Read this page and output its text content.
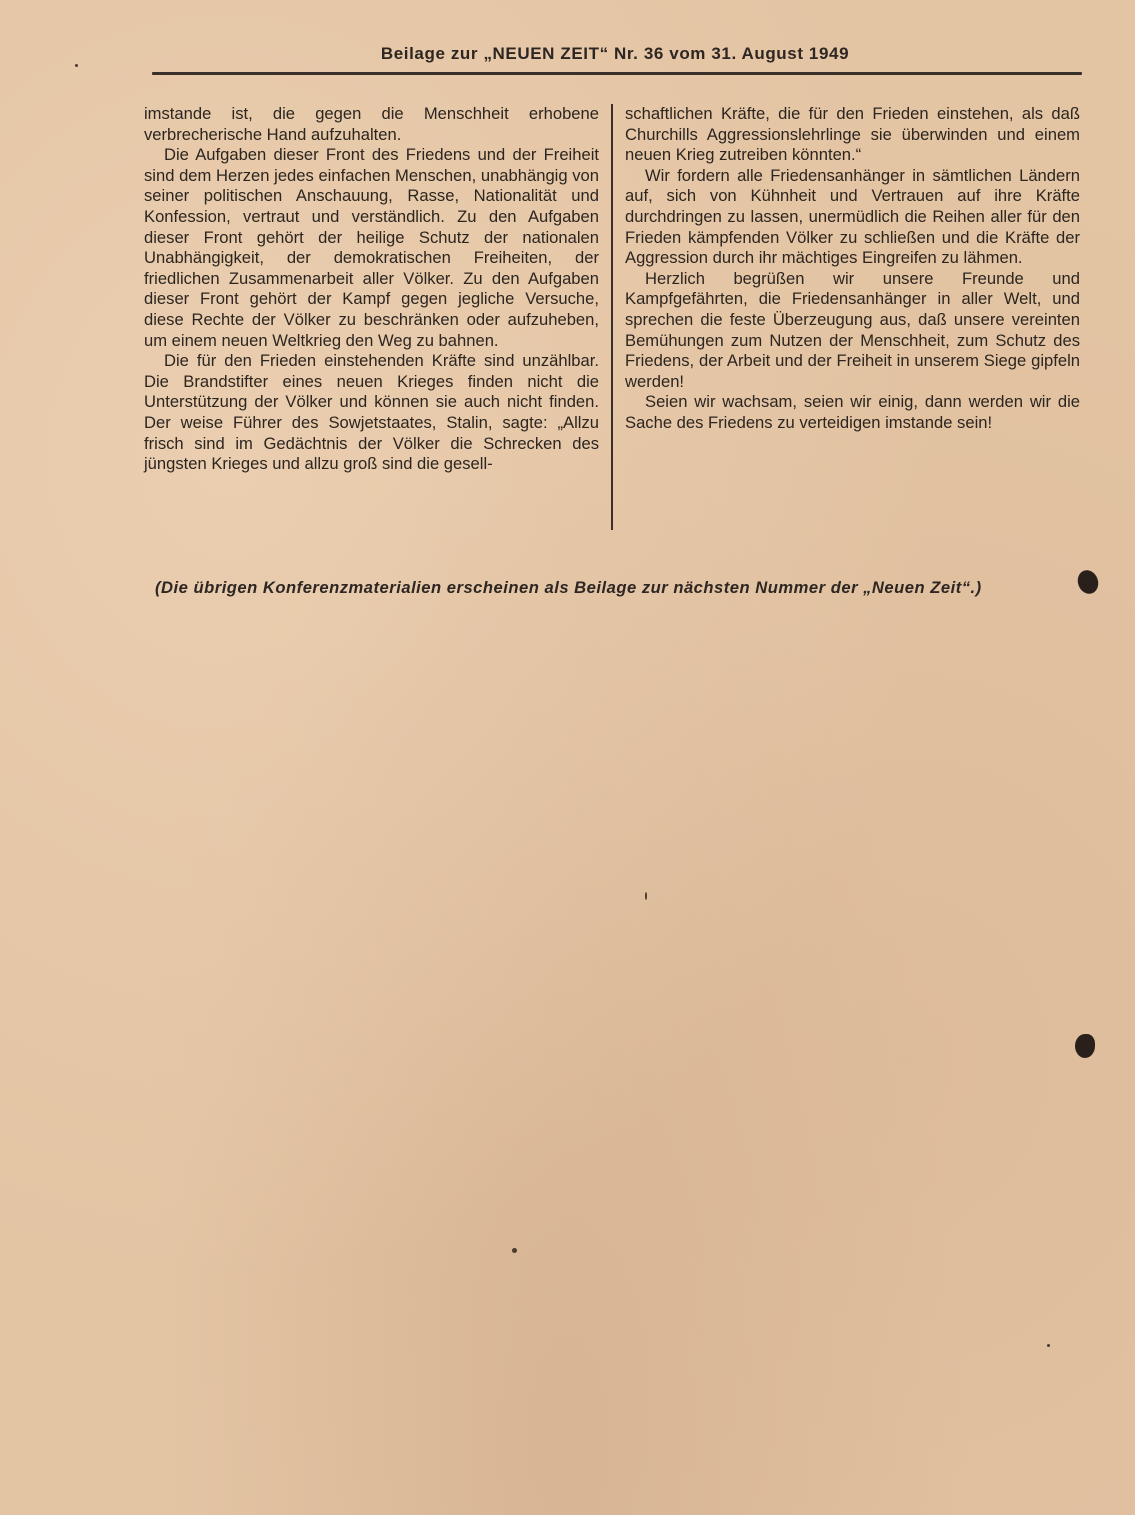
Beilage zur „NEUEN ZEIT“ Nr. 36 vom 31. August 1949

imstande ist, die gegen die Menschheit erhobene verbrecherische Hand aufzuhalten.

Die Aufgaben dieser Front des Friedens und der Freiheit sind dem Herzen jedes einfachen Menschen, unabhängig von seiner politischen Anschauung, Rasse, Nationalität und Konfession, vertraut und verständlich. Zu den Aufgaben dieser Front gehört der heilige Schutz der nationalen Unabhängigkeit, der demokratischen Freiheiten, der friedlichen Zusammenarbeit aller Völker. Zu den Aufgaben dieser Front gehört der Kampf gegen jegliche Versuche, diese Rechte der Völker zu beschränken oder aufzuheben, um einem neuen Weltkrieg den Weg zu bahnen.

Die für den Frieden einstehenden Kräfte sind unzählbar. Die Brandstifter eines neuen Krieges finden nicht die Unterstützung der Völker und können sie auch nicht finden. Der weise Führer des Sowjetstaates, Stalin, sagte: „Allzu frisch sind im Gedächtnis der Völker die Schrecken des jüngsten Krieges und allzu groß sind die gesell-

schaftlichen Kräfte, die für den Frieden einstehen, als daß Churchills Aggressionslehrlinge sie überwinden und einem neuen Krieg zutreiben könnten.“

Wir fordern alle Friedensanhänger in sämtlichen Ländern auf, sich von Kühnheit und Vertrauen auf ihre Kräfte durchdringen zu lassen, unermüdlich die Reihen aller für den Frieden kämpfenden Völker zu schließen und die Kräfte der Aggression durch ihr mächtiges Eingreifen zu lähmen.

Herzlich begrüßen wir unsere Freunde und Kampfgefährten, die Friedensanhänger in aller Welt, und sprechen die feste Überzeugung aus, daß unsere vereinten Bemühungen zum Nutzen der Menschheit, zum Schutz des Friedens, der Arbeit und der Freiheit in unserem Siege gipfeln werden!

Seien wir wachsam, seien wir einig, dann werden wir die Sache des Friedens zu verteidigen imstande sein!

(Die übrigen Konferenzmaterialien erscheinen als Beilage zur nächsten Nummer der „Neuen Zeit“.)
